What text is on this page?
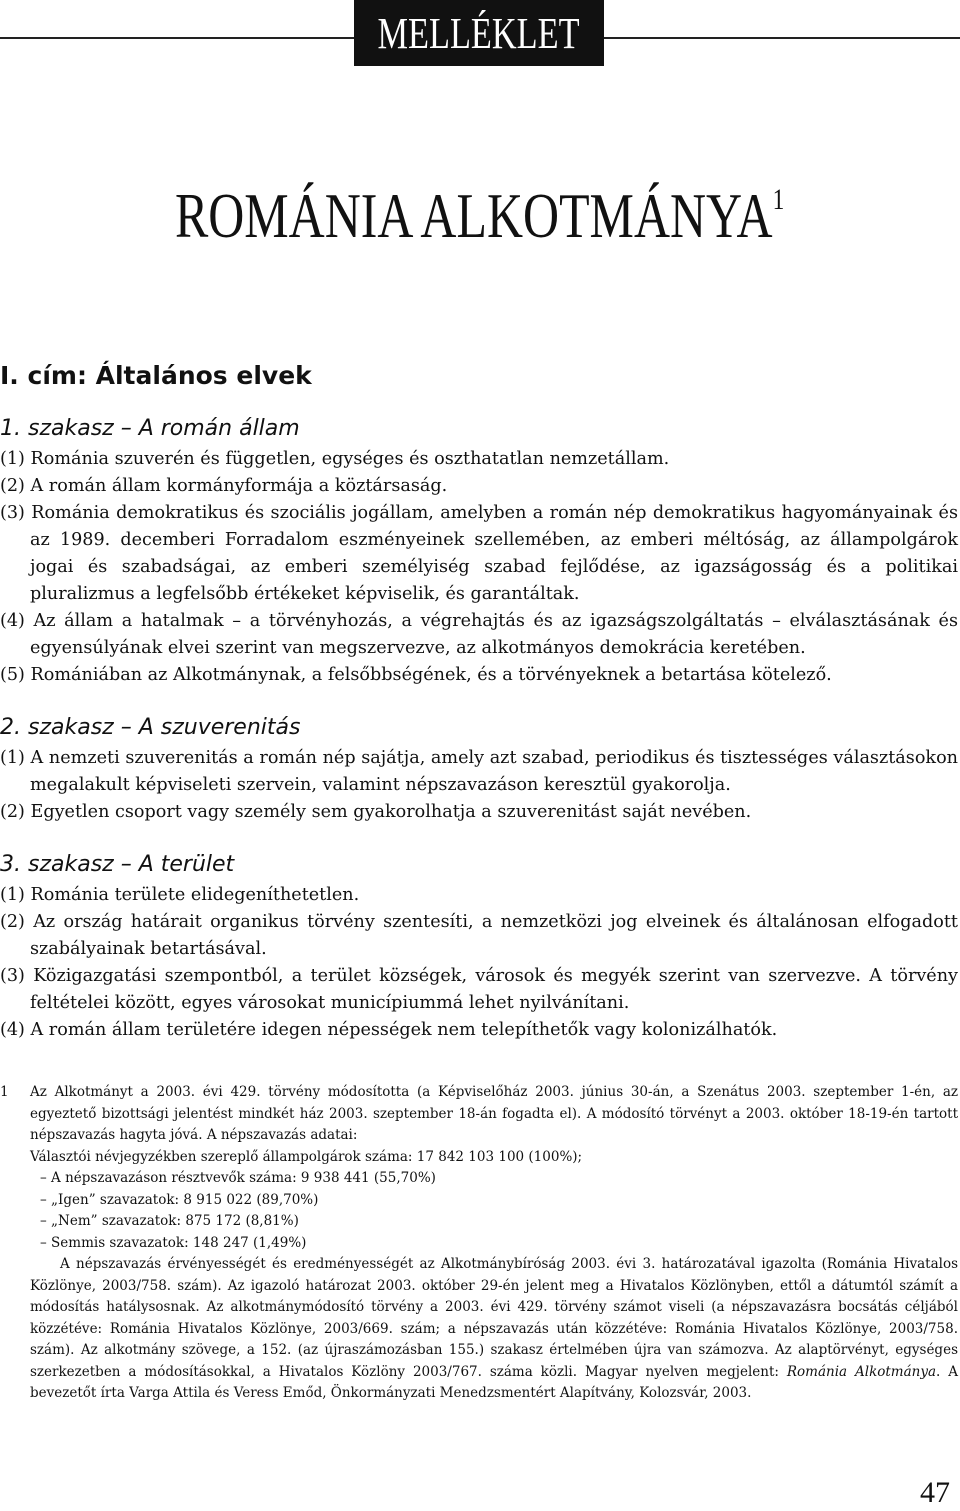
MELLÉKLET
ROMÁNIA ALKOTMÁNYA$^1$
I. cím: Általános elvek
1. szakasz – A román állam
(1) Románia szuverén és független, egységes és oszthatatlan nemzetállam.
(2) A román állam kormányformája a köztársaság.
(3) Románia demokratikus és szociális jogállam, amelyben a román nép demokratikus hagyományainak és az 1989. decemberi Forradalom eszményeinek szellemében, az emberi méltóság, az állampolgárok jogai és szabadságai, az emberi személyiség szabad fejlődése, az igazságosság és a politikai pluralizmus a legfelsőbb értékeket képviselik, és garantáltak.
(4) Az állam a hatalmak – a törvényhozás, a végrehajtás és az igazságszolgáltatás – elválasztásának és egyensúlyának elvei szerint van megszervezve, az alkotmányos demokrácia keretében.
(5) Romániában az Alkotmánynak, a felsőbbségének, és a törvényeknek a betartása kötelező.
2. szakasz – A szuverenitás
(1) A nemzeti szuverenitás a román nép sajátja, amely azt szabad, periodikus és tisztességes választásokon megalakult képviseleti szervein, valamint népszavazáson keresztül gyakorolja.
(2) Egyetlen csoport vagy személy sem gyakorolhatja a szuverenitást saját nevében.
3. szakasz – A terület
(1) Románia területe elidegeníthetetlen.
(2) Az ország határait organikus törvény szentesíti, a nemzetközi jog elveinek és általánosan elfogadott szabályainak betartásával.
(3) Közigazgatási szempontból, a terület községek, városok és megyék szerint van szervezve. A törvény feltételei között, egyes városokat municípiummá lehet nyilvánítani.
(4) A román állam területére idegen népességek nem telepíthetők vagy kolonizálhatók.
1 Az Alkotmányt a 2003. évi 429. törvény módosította (a Képviselőház 2003. június 30-án, a Szenátus 2003. szeptember 1-én, az egyeztető bizottsági jelentést mindkét ház 2003. szeptember 18-án fogadta el). A módosító törvényt a 2003. október 18-19-én tartott népszavazás hagyta jóvá. A népszavazás adatai:
Választói névjegyzékben szereplő állampolgárok száma: 17 842 103 100 (100%);
– A népszavazáson résztvevők száma: 9 938 441 (55,70%)
– „Igen” szavazatok: 8 915 022 (89,70%)
– „Nem” szavazatok: 875 172 (8,81%)
– Semmis szavazatok: 148 247 (1,49%)
A népszavazás érvényességét és eredményességét az Alkotmánybíróság 2003. évi 3. határozatával igazolta (Románia Hivatalos Közlönye, 2003/758. szám). Az igazoló határozat 2003. október 29-én jelent meg a Hivatalos Közlönyben, ettől a dátumtól számít a módosítás hatálysosnak. Az alkotmánymódosító törvény a 2003. évi 429. törvény számot viseli (a népszavazásra bocsátás céljából közzétéve: Románia Hivatalos Közlönye, 2003/669. szám; a népszavazás után közzétéve: Románia Hivatalos Közlönye, 2003/758. szám). Az alkotmány szövege, a 152. (az újraszámozásban 155.) szakasz értelmében újra van számozva. Az alaptörvényt, egységes szerkezetben a módosításokkal, a Hivatalos Közlöny 2003/767. száma közli. Magyar nyelven megjelent: Románia Alkotmánya. A bevezetőt írta Varga Attila és Veress Emőd, Önkormányzati Menedzsmentért Alapítvány, Kolozsvár, 2003.
47
